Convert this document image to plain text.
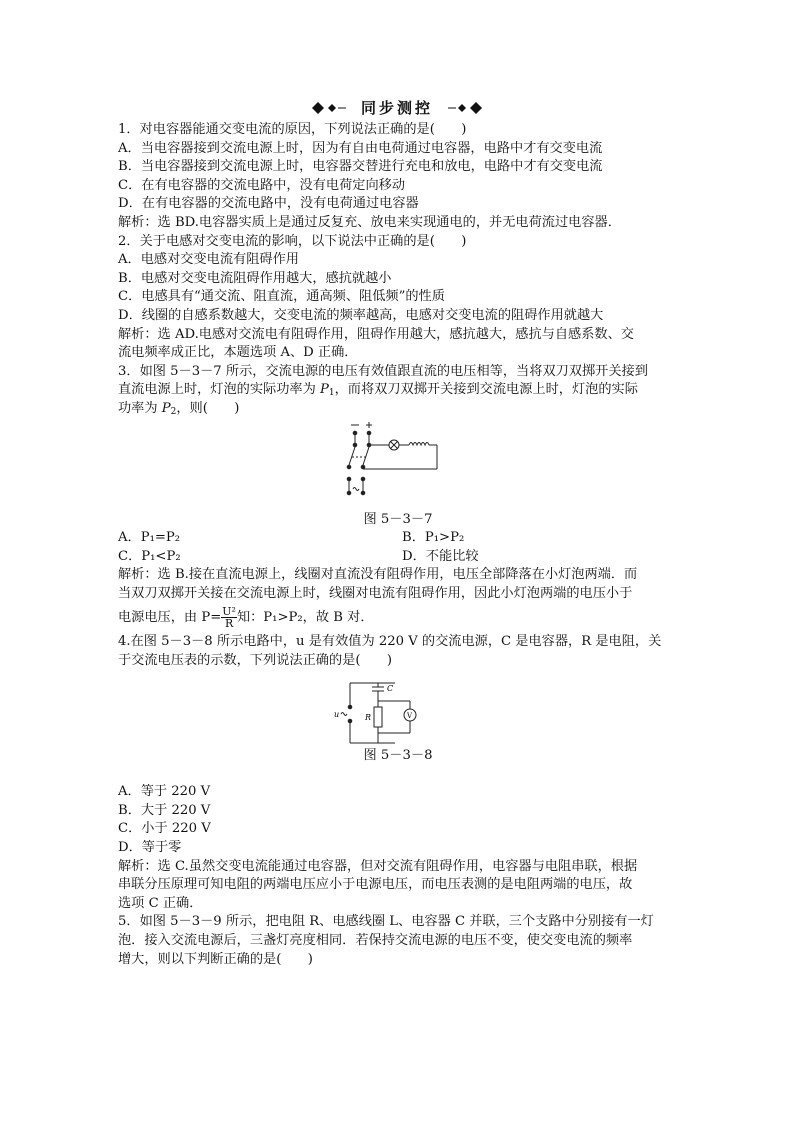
同步测控
1．对电容器能通交变电流的原因，下列说法正确的是(　　)
A．当电容器接到交流电源上时，因为有自由电荷通过电容器，电路中才有交变电流
B．当电容器接到交流电源上时，电容器交替进行充电和放电，电路中才有交变电流
C．在有电容器的交流电路中，没有电荷定向移动
D．在有电容器的交流电路中，没有电荷通过电容器
解析：选 BD.电容器实质上是通过反复充、放电来实现通电的，并无电荷流过电容器．
2．关于电感对交变电流的影响，以下说法中正确的是(　　)
A．电感对交变电流有阻碍作用
B．电感对交变电流阻碍作用越大，感抗就越小
C．电感具有“通交流、阻直流，通高频、阻低频”的性质
D．线圈的自感系数越大，交变电流的频率越高，电感对交变电流的阻碍作用就越大
解析：选 AD.电感对交流电有阻碍作用，阻碍作用越大，感抗越大，感抗与自感系数、交
流电频率成正比，本题选项 A、D 正确．
3．如图 5－3－7 所示，交流电源的电压有效值跟直流的电压相等，当将双刀双掷开关接到
直流电源上时，灯泡的实际功率为 $P_1$，而将双刀双掷开关接到交流电源上时，灯泡的实际
功率为 $P_2$，则(　　)
图 5－3－7
A．P₁=P₂	B．P₁>P₂
C．P₁<P₂	D．不能比较
解析：选 B.接在直流电源上，线圈对直流没有阻碍作用，电压全部降落在小灯泡两端．而
当双刀双掷开关接在交流电源上时，线圈对电流有阻碍作用，因此小灯泡两端的电压小于
电源电压，由 $P= \frac{\text{U²}}{R}$ 知：P₁>P₂，故 B 对．
4.在图 5－3－8 所示电路中，u 是有效值为 220 V 的交流电源，C 是电容器，R 是电阻，关
于交流电压表的示数，下列说法正确的是(　　)
u
C
R	V
图 5－3－8
A．等于 220 V
B．大于 220 V
C．小于 220 V
D．等于零
解析：选 C.虽然交变电流能通过电容器，但对交流有阻碍作用，电容器与电阻串联，根据
串联分压原理可知电阻的两端电压应小于电源电压，而电压表测的是电阻两端的电压，故
选项 C 正确．
5．如图 5－3－9 所示，把电阻 R、电感线圈 L、电容器 C 并联，三个支路中分别接有一灯
泡．接入交流电源后，三盏灯亮度相同．若保持交流电源的电压不变，使交变电流的频率
增大，则以下判断正确的是(　　)
